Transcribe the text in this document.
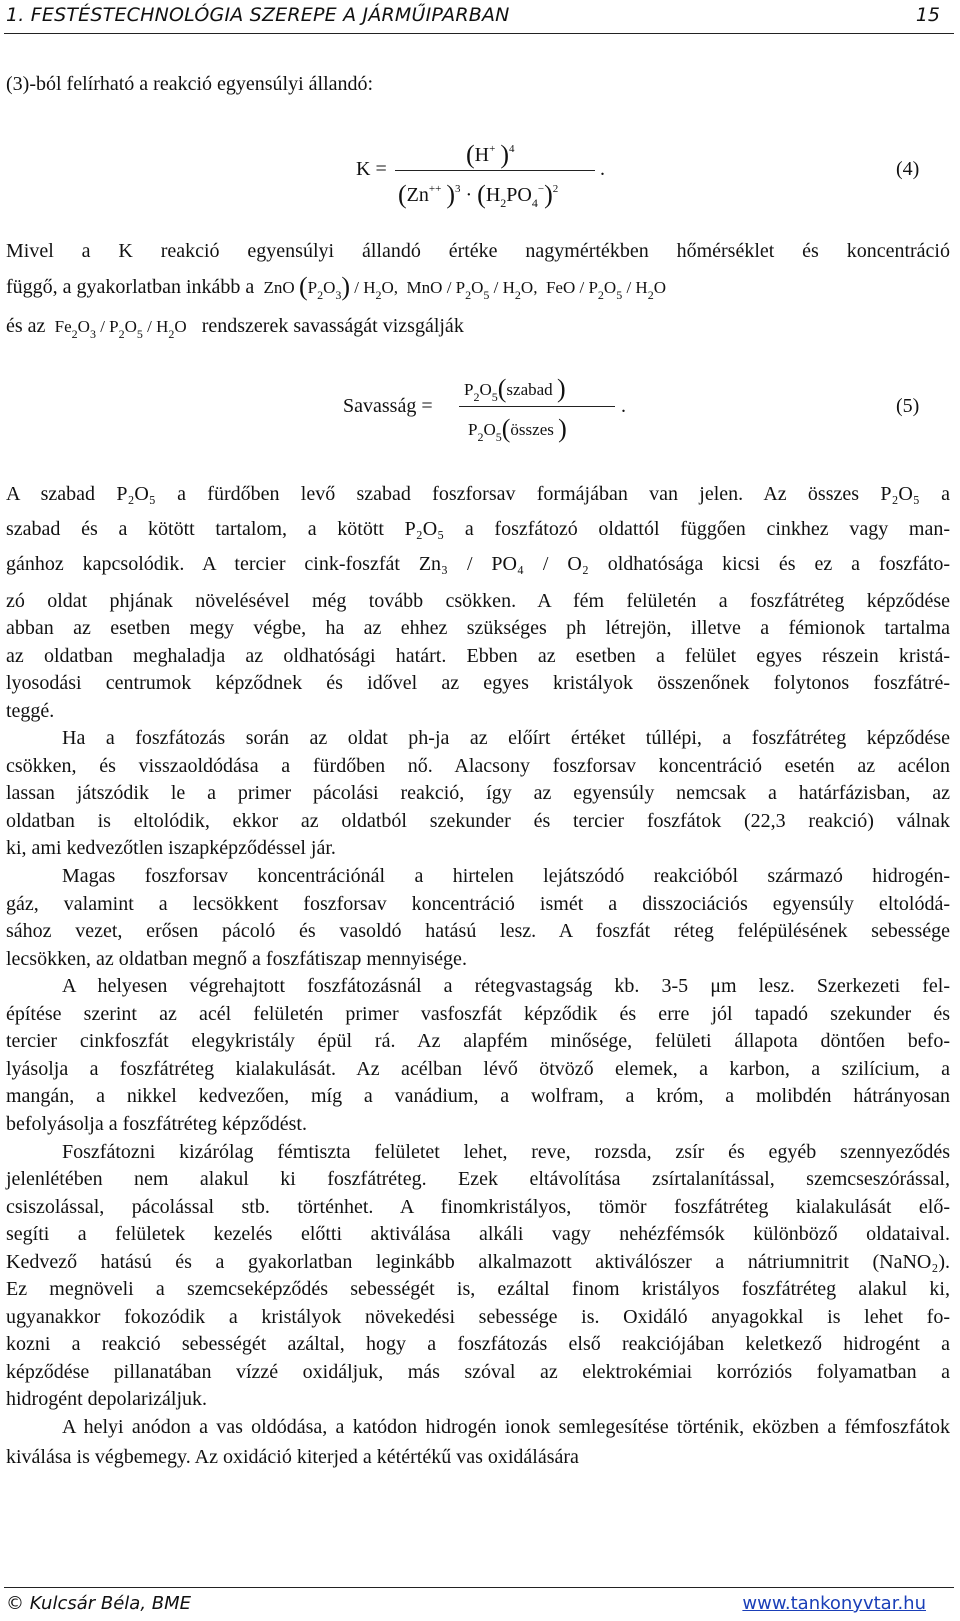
1. FESTÉSTECHNOLÓGIA SZEREPE A JÁRMŰIPARBAN	15
(3)-ból felírható a reakció egyensúlyi állandó:
K =	(H+ )$^4$
(Zn++ )$^3 \cdot (H_2PO_4^-)^2$
.	(4)
Mivel a K reakció egyensúlyi állandó értéke nagymértékben hőmérséklet és koncentráció
függő, a gyakorlatban inkább a  ZnO $(P_2O_3) / H_2O$,  MnO / $P_2O_5 / H_2O$,  FeO / $P_2O_5 / H_2O$
és az  $Fe_2O_3 / P_2O_5 / H_2O$ rendszerek savasságát vizsgálják
Savasság =
$P_2O_5(szabad$ )
$P_2O_5(összes$ )
.	(5)
A szabad P₂O₅ a fürdőben levő szabad foszforsav formájában van jelen. Az összes P₂O₅ a
szabad és a kötött tartalom, a kötött P₂O₅ a foszfátozó oldattól függően cinkhez vagy man-
gánhoz kapcsolódik. A tercier cink-foszfát Zn₃ / PO₄ / O₂ oldhatósága kicsi és ez a foszfáto-
zó oldat phjának növelésével még tovább csökken. A fém felületén a foszfátréteg képződése
abban az esetben megy végbe, ha az ehhez szükséges ph létrejön, illetve a fémionok tartalma
az oldatban meghaladja az oldhatósági határt. Ebben az esetben a felület egyes részein kristá-
lyosodási centrumok képződnek és idővel az egyes kristályok összenőnek folytonos foszfátré-
teggé.
Ha a foszfátozás során az oldat ph-ja az előírt értéket túllépi, a foszfátréteg képződése
csökken, és visszaoldódása a fürdőben nő. Alacsony foszforsav koncentráció esetén az acélon
lassan játszódik le a primer pácolási reakció, így az egyensúly nemcsak a határfázisban, az
oldatban is eltolódik, ekkor az oldatból szekunder és tercier foszfátok (22,3 reakció) válnak
ki, ami kedvezőtlen iszapképződéssel jár.
Magas foszforsav koncentrációnál a hirtelen lejátszódó reakcióból származó hidrogén-
gáz, valamint a lecsökkent foszforsav koncentráció ismét a disszociációs egyensúly eltolódá-
sához vezet, erősen pácoló és vasoldó hatású lesz. A foszfát réteg felépülésének sebessége
lecsökken, az oldatban megnő a foszfátiszap mennyisége.
A helyesen végrehajtott foszfátozásnál a rétegvastagság kb. 3-5 μm lesz. Szerkezeti fel-
építése szerint az acél felületén primer vasfoszfát képződik és erre jól tapadó szekunder és
tercier cinkfoszfát elegykristály épül rá. Az alapfém minősége, felületi állapota döntően befo-
lyásolja a foszfátréteg kialakulását. Az acélban lévő ötvöző elemek, a karbon, a szilícium, a
mangán, a nikkel kedvezően, míg a vanádium, a wolfram, a króm, a molibdén hátrányosan
befolyásolja a foszfátréteg képződést.
Foszfátozni kizárólag fémtiszta felületet lehet, reve, rozsda, zsír és egyéb szennyeződés
jelenlétében nem alakul ki foszfátréteg. Ezek eltávolítása zsírtalanítással, szemcseszórással,
csiszolással, pácolással stb. történhet. A finomkristályos, tömör foszfátréteg kialakulását elő-
segíti a felületek kezelés előtti aktiválása alkáli vagy nehézfémsók különböző oldataival.
Kedvező hatású és a gyakorlatban leginkább alkalmazott aktiválószer a nátriumnitrit (NaNO₂).
Ez megnöveli a szemcseképződés sebességét is, ezáltal finom kristályos foszfátréteg alakul ki,
ugyanakkor fokozódik a kristályok növekedési sebessége is. Oxidáló anyagokkal is lehet fo-
kozni a reakció sebességét azáltal, hogy a foszfátozás első reakciójában keletkező hidrogént a
képződése pillanatában vízzé oxidáljuk, más szóval az elektrokémiai korróziós folyamatban a
hidrogént depolarizáljuk.
A helyi anódon a vas oldódása, a katódon hidrogén ionok semlegesítése történik, eközben a fémfoszfátok kiválása is végbemegy. Az oxidáció kiterjed a kétértékű vas oxidálására
© Kulcsár Béla, BME	www.tankonyvtar.hu
